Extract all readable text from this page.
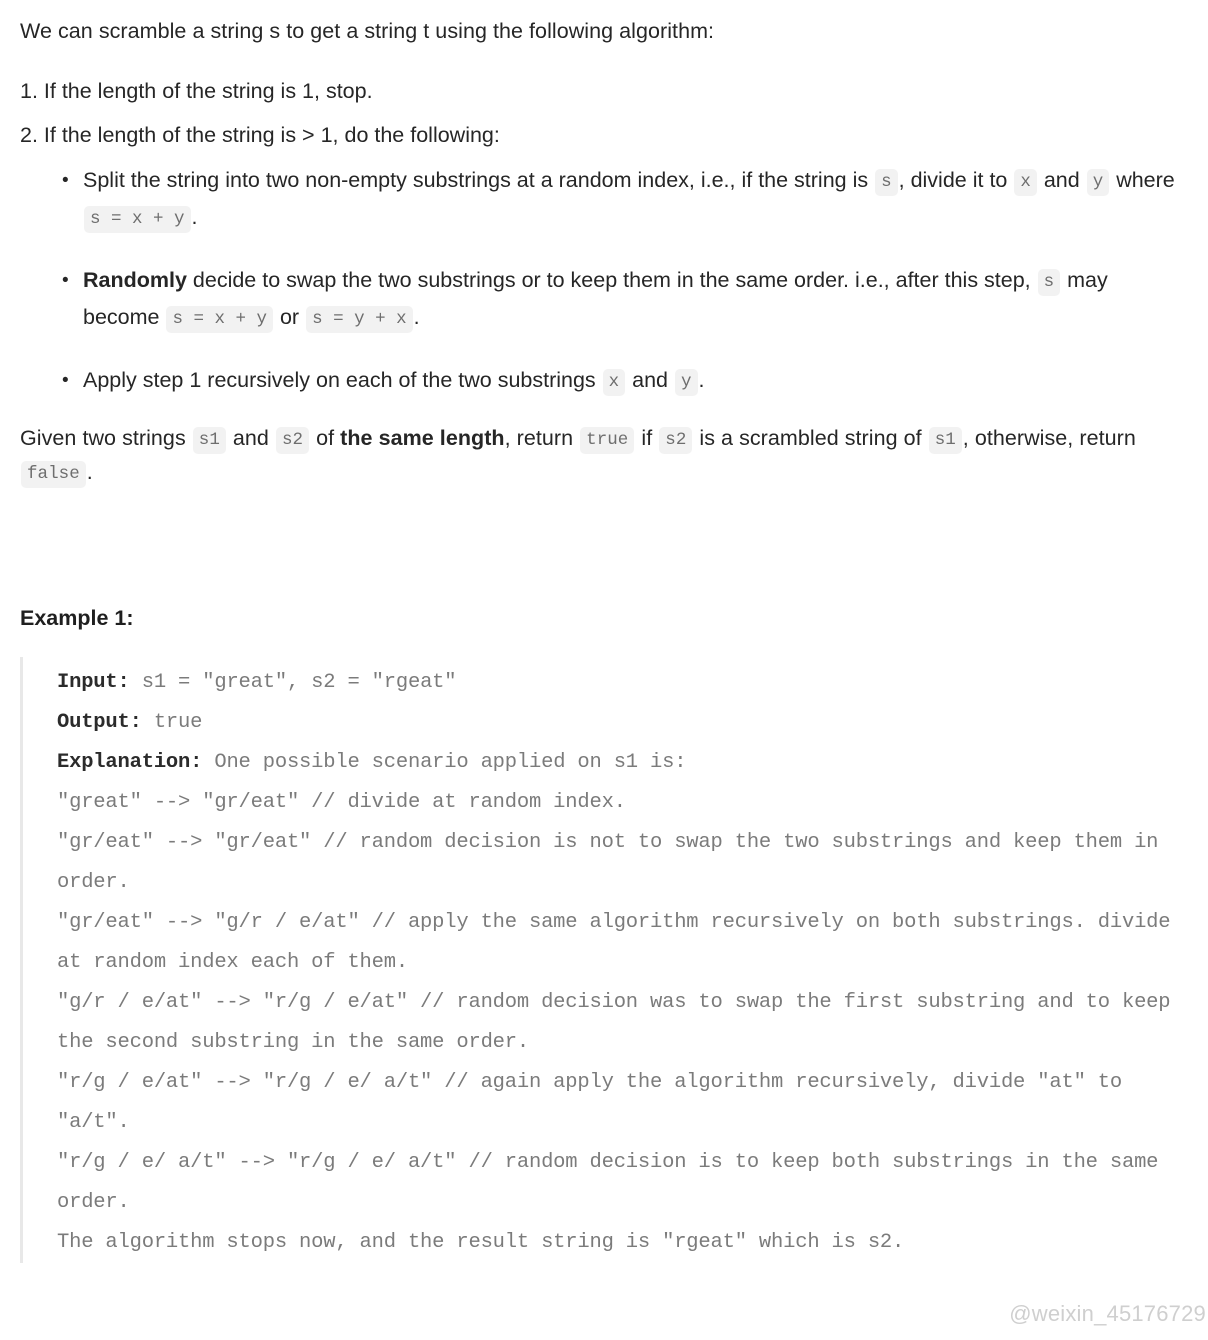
We can scramble a string s to get a string t using the following algorithm:

1. If the length of the string is 1, stop.

2. If the length of the string is > 1, do the following:

• Split the string into two non-empty substrings at a random index, i.e., if the string is s , divide it to x and y where s = x + y .
• Randomly decide to swap the two substrings or to keep them in the same order. i.e., after this step, s may become s = x + y or s = y + x .
• Apply step 1 recursively on each of the two substrings x and y .

Given two strings s1 and s2 of the same length, return true if s2 is a scrambled string of s1 , otherwise, return false .

Example 1:
Input: s1 = "great", s2 = "rgeat"
Output: true
Explanation: One possible scenario applied on s1 is:
"great" --> "gr/eat" // divide at random index.
"gr/eat" --> "gr/eat" // random decision is not to swap the two substrings and keep them in order.
"gr/eat" --> "g/r / e/at" // apply the same algorithm recursively on both substrings. divide at random index each of them.
"g/r / e/at" --> "r/g / e/at" // random decision was to swap the first substring and to keep the second substring in the same order.
"r/g / e/at" --> "r/g / e/ a/t" // again apply the algorithm recursively, divide "at" to "a/t".
"r/g / e/ a/t" --> "r/g / e/ a/t" // random decision is to keep both substrings in the same order.
The algorithm stops now, and the result string is "rgeat" which is s2.
@weixin_45176729
